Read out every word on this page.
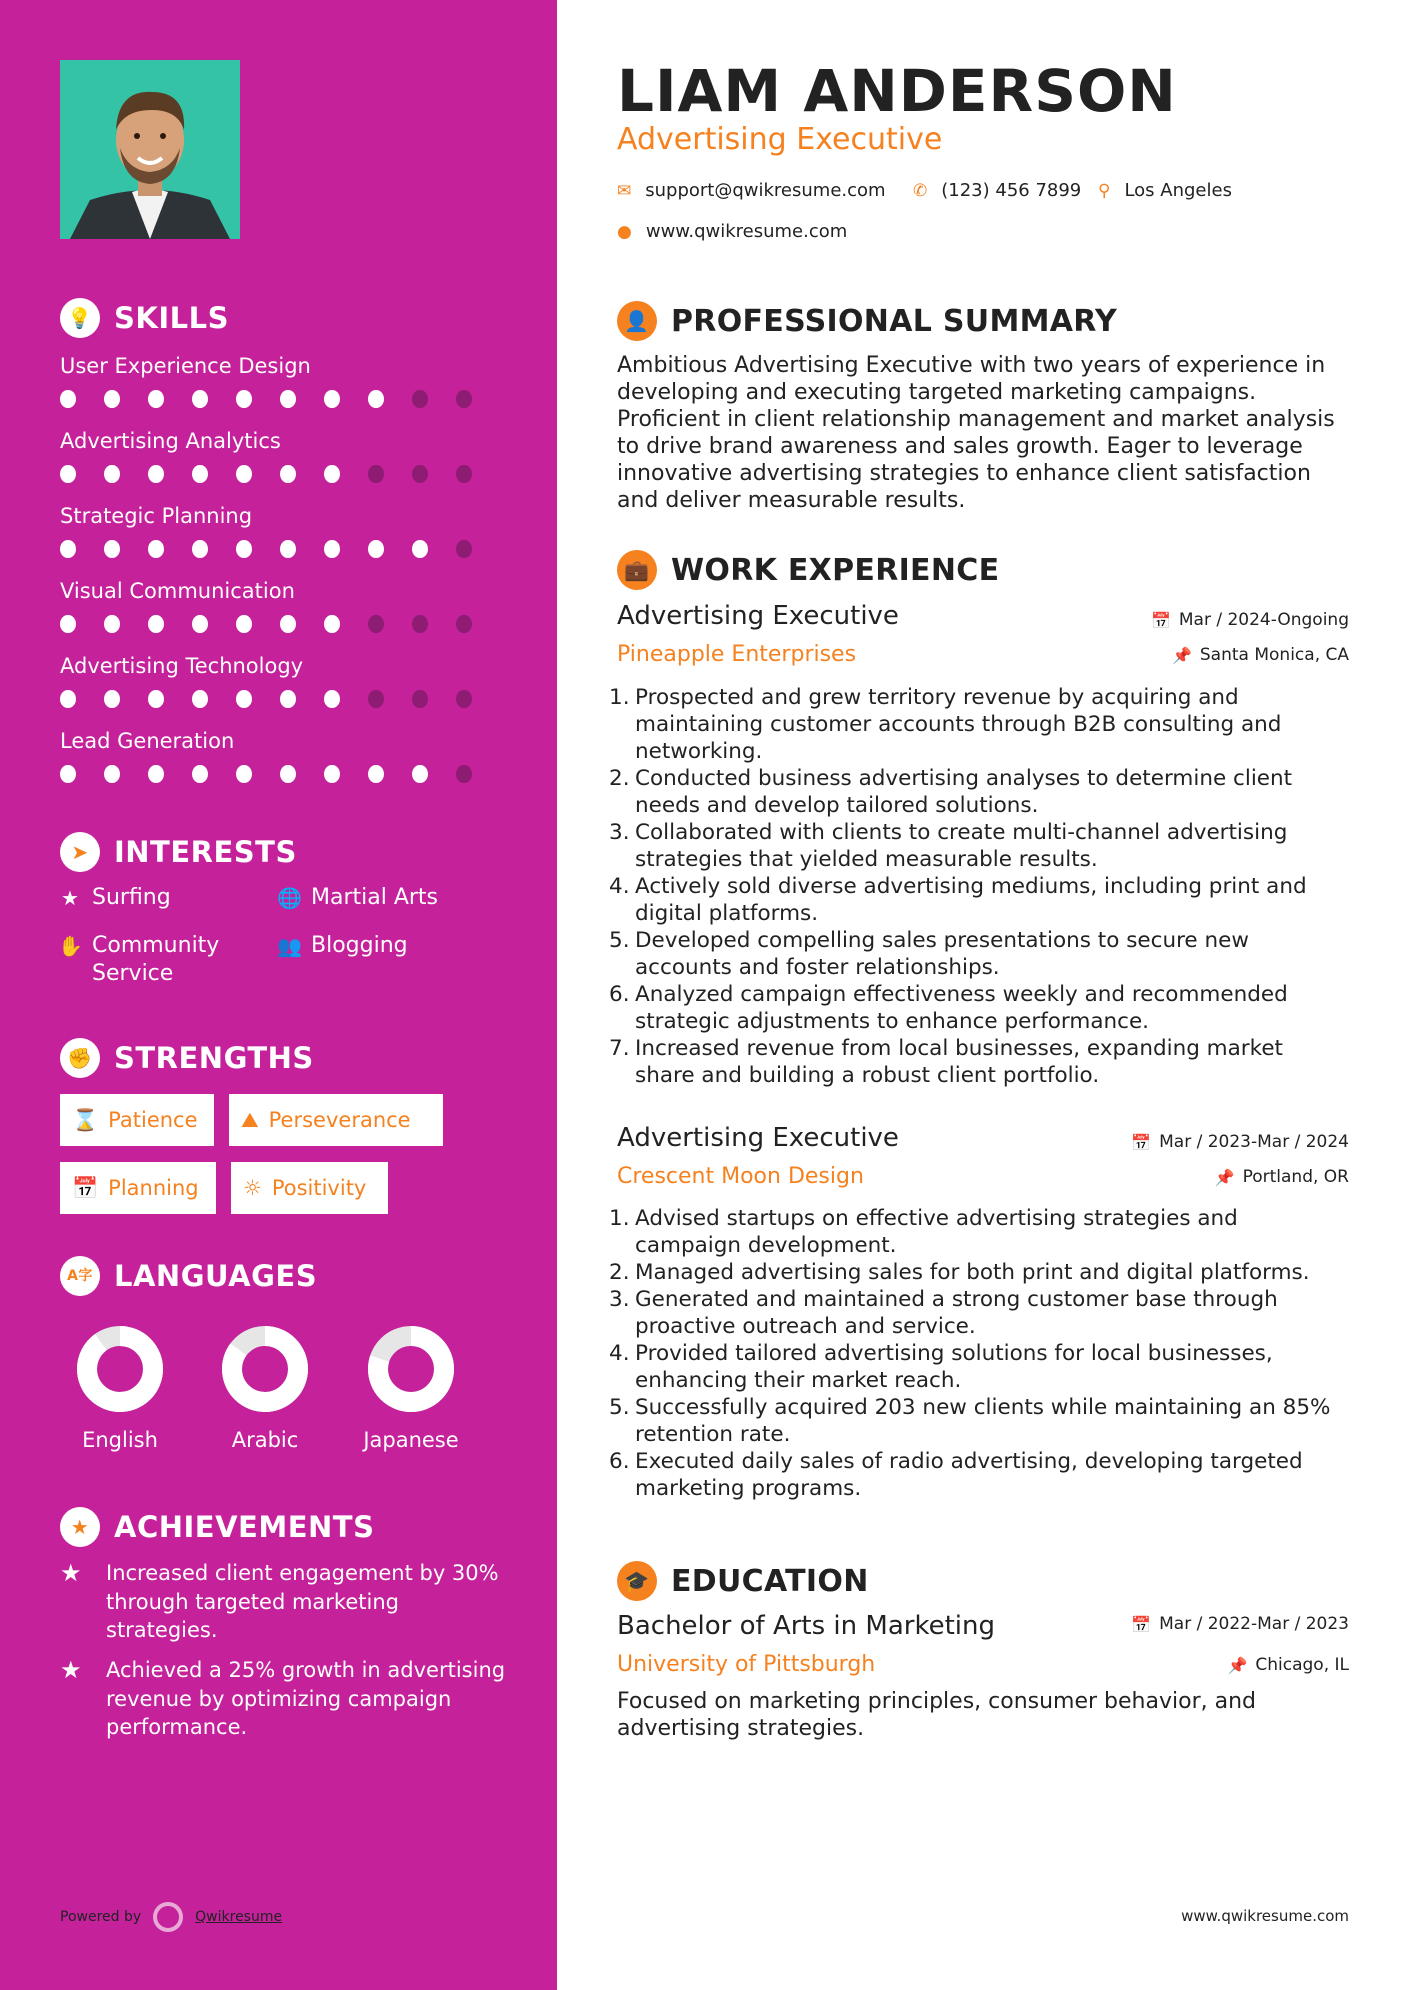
💡 SKILLS
User Experience Design
Advertising Analytics
Strategic Planning
Visual Communication
Advertising Technology
Lead Generation
➤ INTERESTS
★ Surfing	🌐 Martial Arts
✋ Community
Service
👥 Blogging
✊ STRENGTHS
⌛ Patience ⛰ Perseverance
📅 Planning ☼ Positivity
A字 LANGUAGES
English	Arabic	Japanese
★ ACHIEVEMENTS
★	Increased client engagement by 30% through targeted marketing strategies.
★	Achieved a 25% growth in advertising revenue by optimizing campaign performance.
Powered by	Qwikresume
LIAM ANDERSON
Advertising Executive
✉ support@qwikresume.com ✆ (123) 456 7899 ⚲ Los Angeles
● www.qwikresume.com
👤 PROFESSIONAL SUMMARY
Ambitious Advertising Executive with two years of experience in developing and executing targeted marketing campaigns. Proficient in client relationship management and market analysis to drive brand awareness and sales growth. Eager to leverage innovative advertising strategies to enhance client satisfaction and deliver measurable results.
💼 WORK EXPERIENCE
Advertising Executive	📅 Mar / 2024-Ongoing
Pineapple Enterprises	📌 Santa Monica, CA
Prospected and grew territory revenue by acquiring and maintaining customer accounts through B2B consulting and networking.
Conducted business advertising analyses to determine client needs and develop tailored solutions.
Collaborated with clients to create multi-channel advertising strategies that yielded measurable results.
Actively sold diverse advertising mediums, including print and digital platforms.
Developed compelling sales presentations to secure new accounts and foster relationships.
Analyzed campaign effectiveness weekly and recommended strategic adjustments to enhance performance.
Increased revenue from local businesses, expanding market share and building a robust client portfolio.
Advertising Executive	📅 Mar / 2023-Mar / 2024
Crescent Moon Design	📌 Portland, OR
Advised startups on effective advertising strategies and campaign development.
Managed advertising sales for both print and digital platforms.
Generated and maintained a strong customer base through proactive outreach and service.
Provided tailored advertising solutions for local businesses, enhancing their market reach.
Successfully acquired 203 new clients while maintaining an 85% retention rate.
Executed daily sales of radio advertising, developing targeted marketing programs.
🎓 EDUCATION
Bachelor of Arts in Marketing	📅 Mar / 2022-Mar / 2023
University of Pittsburgh	📌 Chicago, IL
Focused on marketing principles, consumer behavior, and advertising strategies.
www.qwikresume.com
